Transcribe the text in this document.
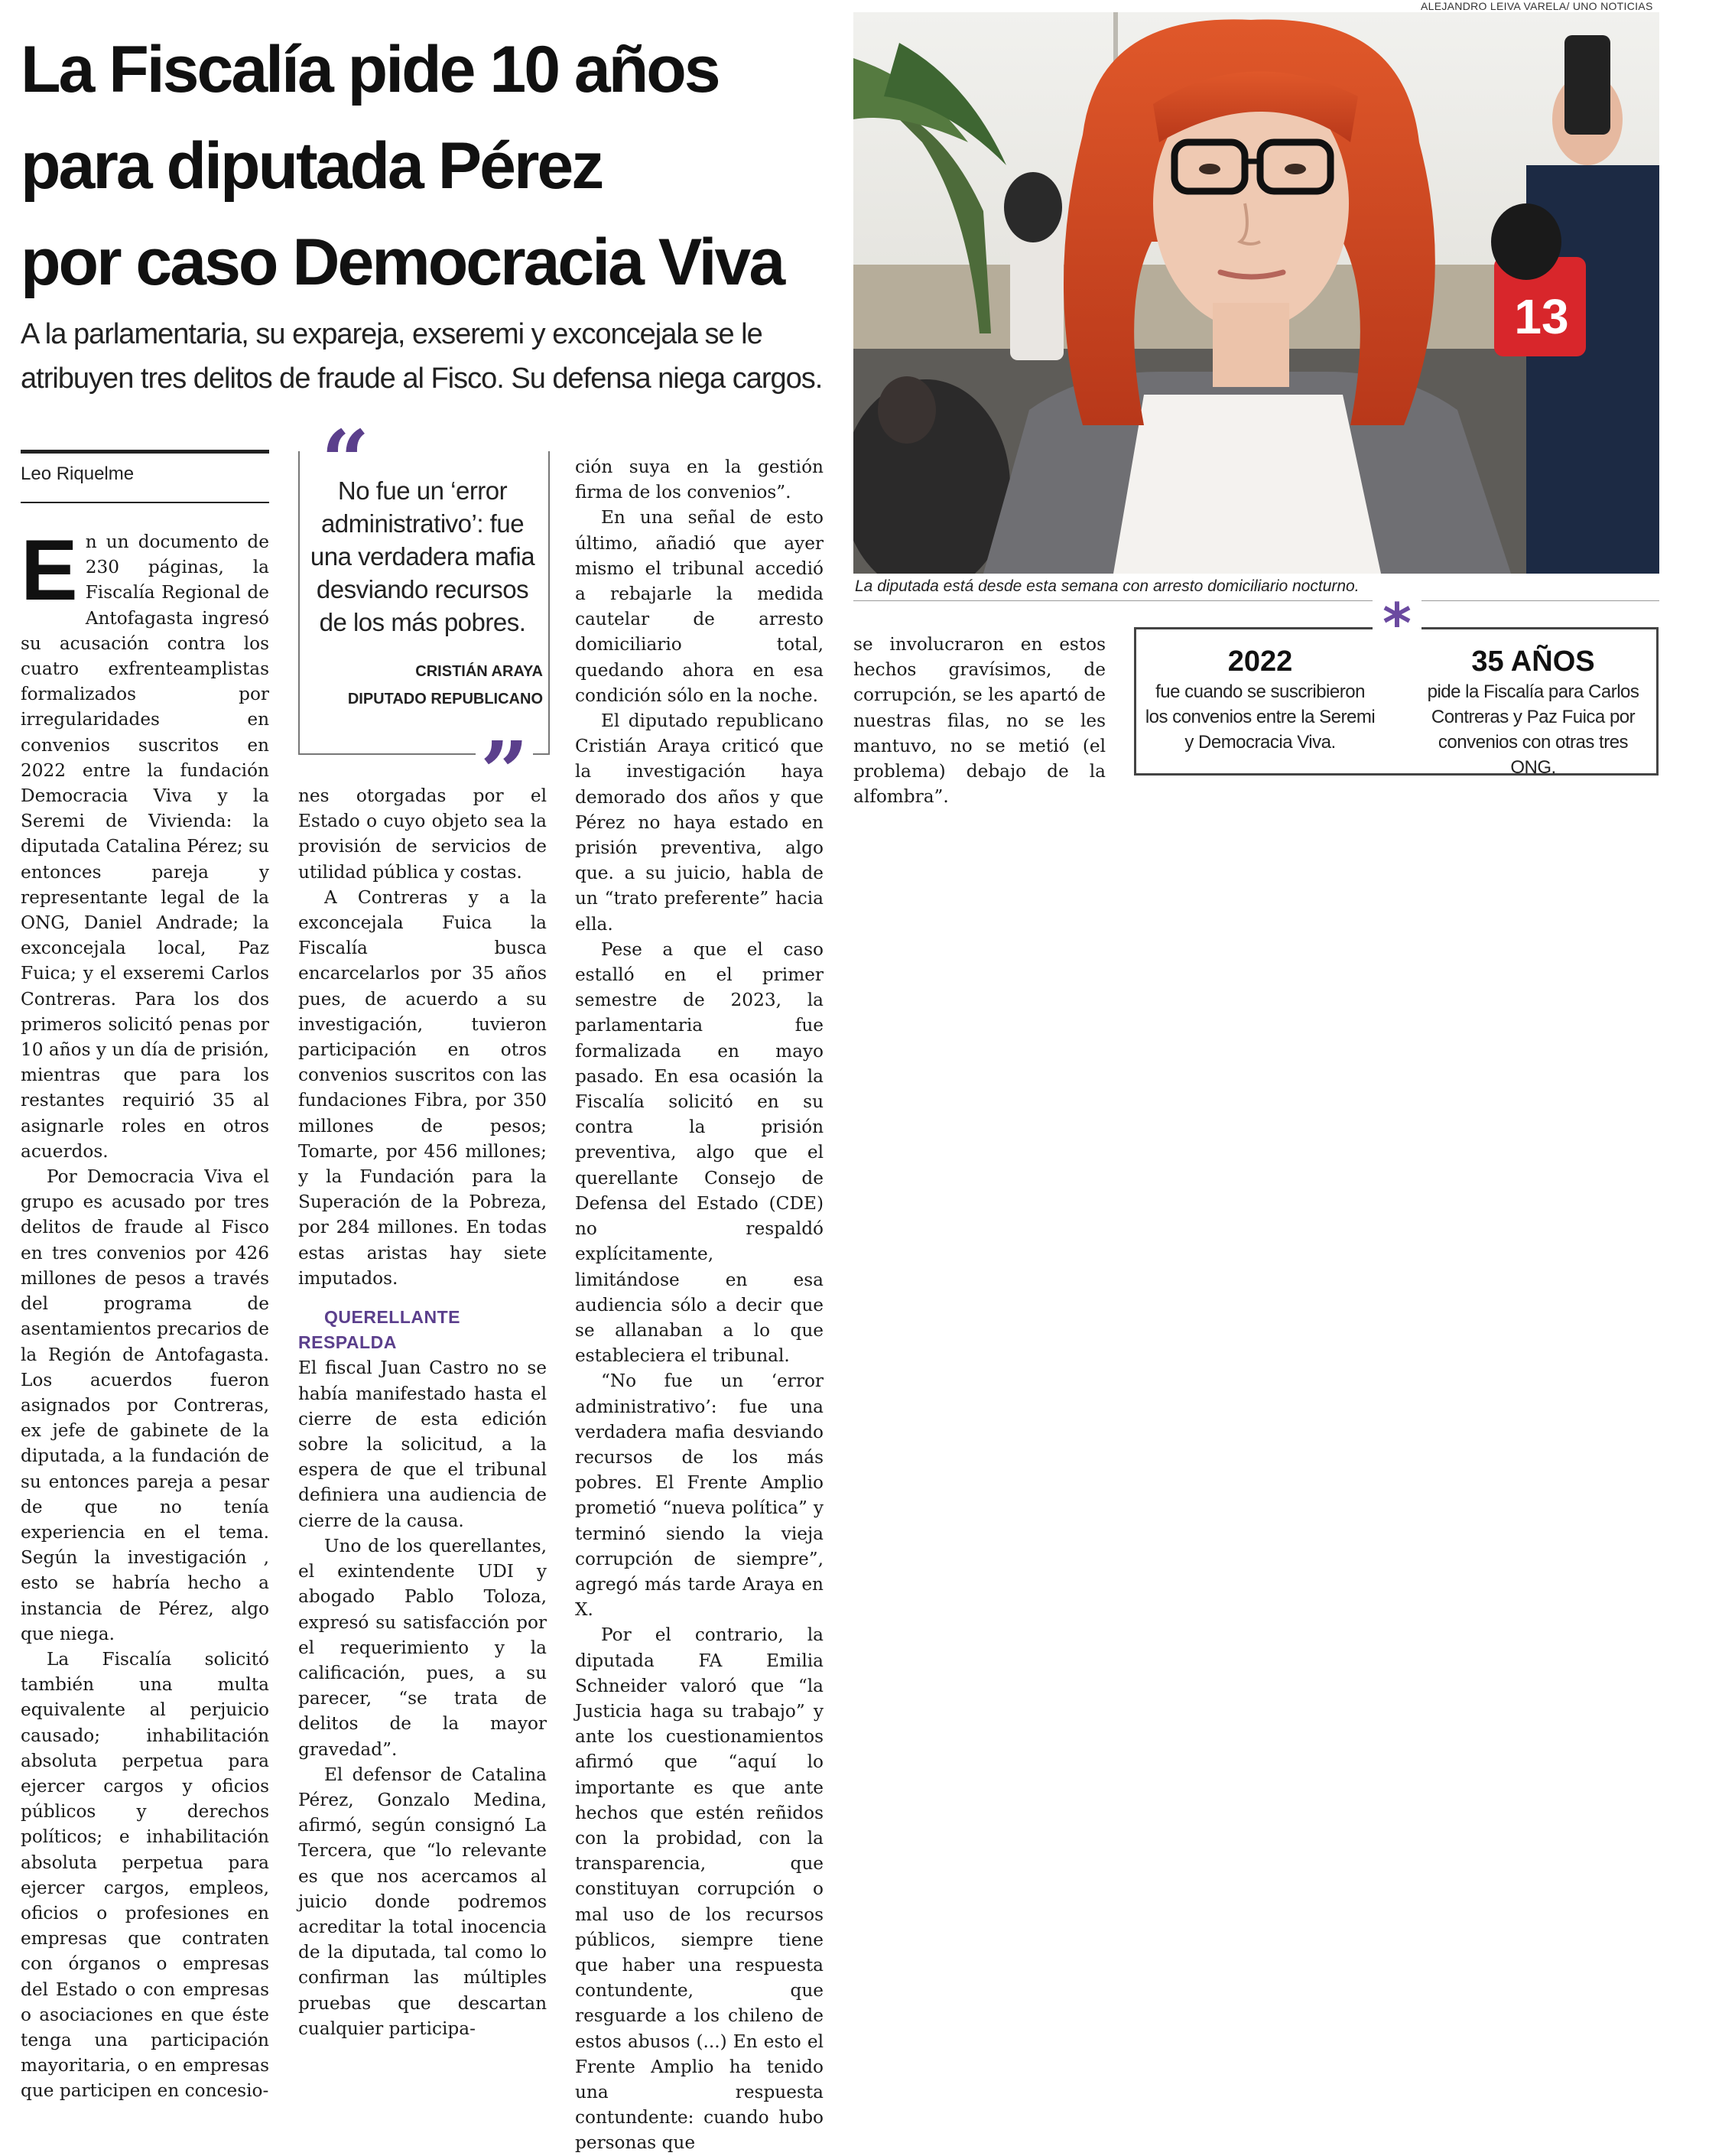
La Fiscalía pide 10 años
para diputada Pérez
por caso Democracia Viva

A la parlamentaria, su expareja, exseremi y exconcejala se le
atribuyen tres delitos de fraude al Fisco. Su defensa niega cargos.

Leo Riquelme

En un documento de 230 páginas, la Fiscalía Regional de Antofagasta ingresó su acusación contra los cuatro exfrenteamplistas formalizados por irregularidades en convenios suscritos en 2022 entre la fundación Democracia Viva y la Seremi de Vivienda: la diputada Catalina Pérez; su entonces pareja y representante legal de la ONG, Daniel Andrade; la exconcejala local, Paz Fuica; y el exseremi Carlos Contreras. Para los dos primeros solicitó penas por 10 años y un día de prisión, mientras que para los restantes requirió 35 al asignarle roles en otros acuerdos.

Por Democracia Viva el grupo es acusado por tres delitos de fraude al Fisco en tres convenios por 426 millones de pesos a través del programa de asentamientos precarios de la Región de Antofagasta. Los acuerdos fueron asignados por Contreras, ex jefe de gabinete de la diputada, a la fundación de su entonces pareja a pesar de que no tenía experiencia en el tema. Según la investigación , esto se habría hecho a instancia de Pérez, algo que niega.

La Fiscalía solicitó también una multa equivalente al perjuicio causado; inhabilitación absoluta perpetua para ejercer cargos y oficios públicos y derechos políticos; e inhabilitación absoluta perpetua para ejercer cargos, empleos, oficios o profesiones en empresas que contraten con órganos o empresas del Estado o con empresas o asociaciones en que éste tenga una participación mayoritaria, o en empresas que participen en concesio-

“
No fue un ‘error administrativo’: fue una verdadera mafia desviando recursos de los más pobres.
CRISTIÁN ARAYA
DIPUTADO REPUBLICANO
”

nes otorgadas por el Estado o cuyo objeto sea la provisión de servicios de utilidad pública y costas.

A Contreras y a la exconcejala Fuica la Fiscalía busca encarcelarlos por 35 años pues, de acuerdo a su investigación, tuvieron participación en otros convenios suscritos con las fundaciones Fibra, por 350 millones de pesos; Tomarte, por 456 millones; y la Fundación para la Superación de la Pobreza, por 284 millones. En todas estas aristas hay siete imputados.

QUERELLANTE RESPALDA

El fiscal Juan Castro no se había manifestado hasta el cierre de esta edición sobre la solicitud, a la espera de que el tribunal definiera una audiencia de cierre de la causa.

Uno de los querellantes, el exintendente UDI y abogado Pablo Toloza, expresó su satisfacción por el requerimiento y la calificación, pues, a su parecer, “se trata de delitos de la mayor gravedad”.

El defensor de Catalina Pérez, Gonzalo Medina, afirmó, según consignó La Tercera, que “lo relevante es que nos acercamos al juicio donde podremos acreditar la total inocencia de la diputada, tal como lo confirman las múltiples pruebas que descartan cualquier participa-

ción suya en la gestión firma de los convenios”.

En una señal de esto último, añadió que ayer mismo el tribunal accedió a rebajarle la medida cautelar de arresto domiciliario total, quedando ahora en esa condición sólo en la noche.

El diputado republicano Cristián Araya criticó que la investigación haya demorado dos años y que Pérez no haya estado en prisión preventiva, algo que. a su juicio, habla de un “trato preferente” hacia ella.

Pese a que el caso estalló en el primer semestre de 2023, la parlamentaria fue formalizada en mayo pasado. En esa ocasión la Fiscalía solicitó en su contra la prisión preventiva, algo que el querellante Consejo de Defensa del Estado (CDE) no respaldó explícitamente, limitándose en esa audiencia sólo a decir que se allanaban a lo que estableciera el tribunal.

“No fue un ‘error administrativo’: fue una verdadera mafia desviando recursos de los más pobres. El Frente Amplio prometió “nueva política” y terminó siendo la vieja corrupción de siempre”, agregó más tarde Araya en X.

Por el contrario, la diputada FA Emilia Schneider valoró que “la Justicia haga su trabajo” y ante los cuestionamientos afirmó que “aquí lo importante es que ante hechos que estén reñidos con la probidad, con la transparencia, que constituyan corrupción o mal uso de los recursos públicos, siempre tiene que haber una respuesta contundente, que resguarde a los chileno de estos abusos (...) En esto el Frente Amplio ha tenido una respuesta contundente: cuando hubo personas que

ALEJANDRO LEIVA VARELA/ UNO NOTICIAS
13
La diputada está desde esta semana con arresto domiciliario nocturno.

se involucraron en estos hechos gravísimos, de corrupción, se les apartó de nuestras filas, no se les mantuvo, no se metió (el problema) debajo de la alfombra”.

*
2022
fue cuando se suscribieron
los convenios entre la Seremi
y Democracia Viva.
35 AÑOS
pide la Fiscalía para Carlos
Contreras y Paz Fuica por
convenios con otras tres ONG.
